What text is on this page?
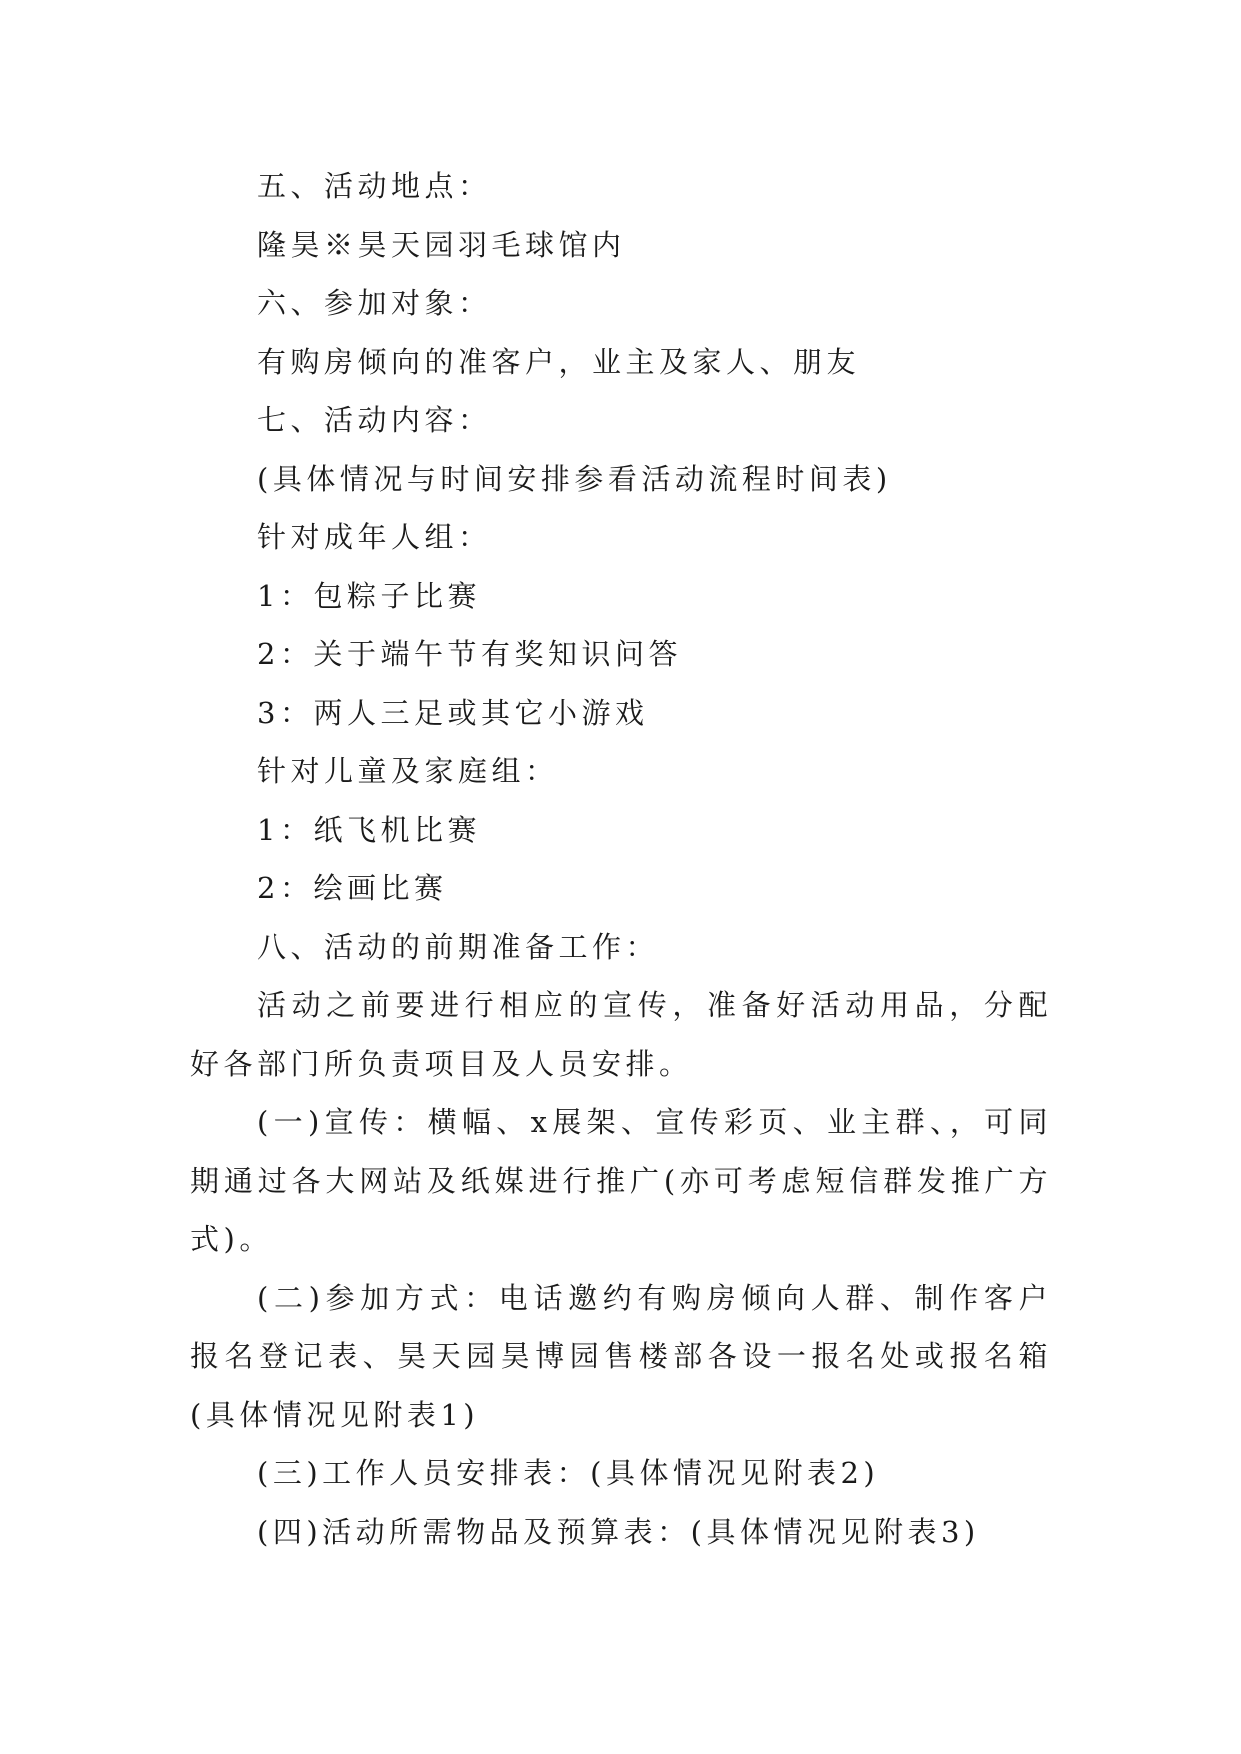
五、活动地点：

隆昊※昊天园羽毛球馆内

六、参加对象：

有购房倾向的准客户，业主及家人、朋友

七、活动内容：

(具体情况与时间安排参看活动流程时间表)

针对成年人组：

1：包粽子比赛

2：关于端午节有奖知识问答

3：两人三足或其它小游戏

针对儿童及家庭组：

1：纸飞机比赛

2：绘画比赛

八、活动的前期准备工作：

活动之前要进行相应的宣传，准备好活动用品，分配好各部门所负责项目及人员安排。

(一)宣传：横幅、x展架、宣传彩页、业主群、，可同期通过各大网站及纸媒进行推广(亦可考虑短信群发推广方式)。

(二)参加方式：电话邀约有购房倾向人群、制作客户报名登记表、昊天园昊博园售楼部各设一报名处或报名箱(具体情况见附表1)

(三)工作人员安排表：(具体情况见附表2)

(四)活动所需物品及预算表：(具体情况见附表3)
